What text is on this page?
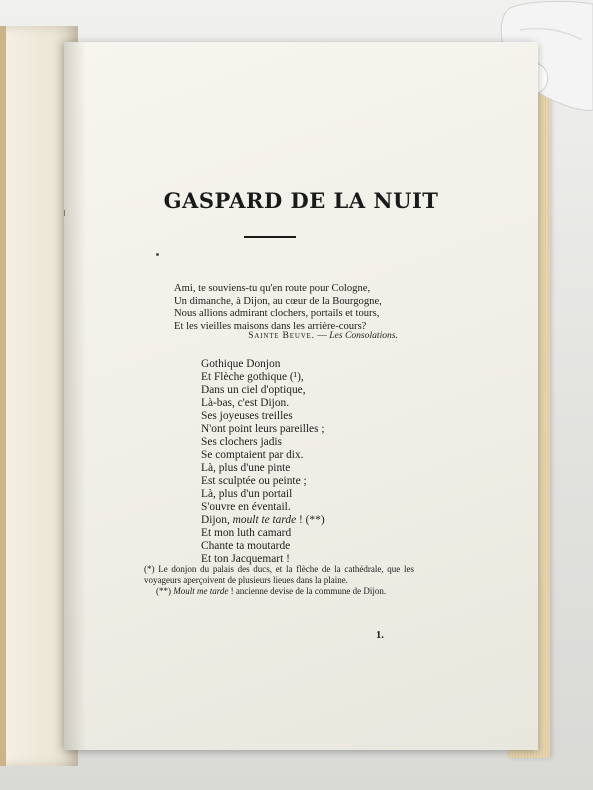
GASPARD DE LA NUIT
Ami, te souviens-tu qu'en route pour Cologne,
Un dimanche, à Dijon, au cœur de la Bourgogne,
Nous allions admirant clochers, portails et tours,
Et les vieilles maisons dans les arrière-cours?
Sainte Beuve. — Les Consolations.
Gothique Donjon
Et Flèche gothique (¹),
Dans un ciel d'optique,
Là-bas, c'est Dijon.
Ses joyeuses treilles
N'ont point leurs pareilles ;
Ses clochers jadis
Se comptaient par dix.
Là, plus d'une pinte
Est sculptée ou peinte ;
Là, plus d'un portail
S'ouvre en éventail.
Dijon, moult te tarde ! (**)
Et mon luth camard
Chante ta moutarde
Et ton Jacquemart !

(*) Le donjon du palais des ducs, et la flèche de la cathédrale, que les voyageurs aperçoivent de plusieurs lieues dans la plaine.

(**) Moult me tarde ! ancienne devise de la commune de Dijon.

1.
